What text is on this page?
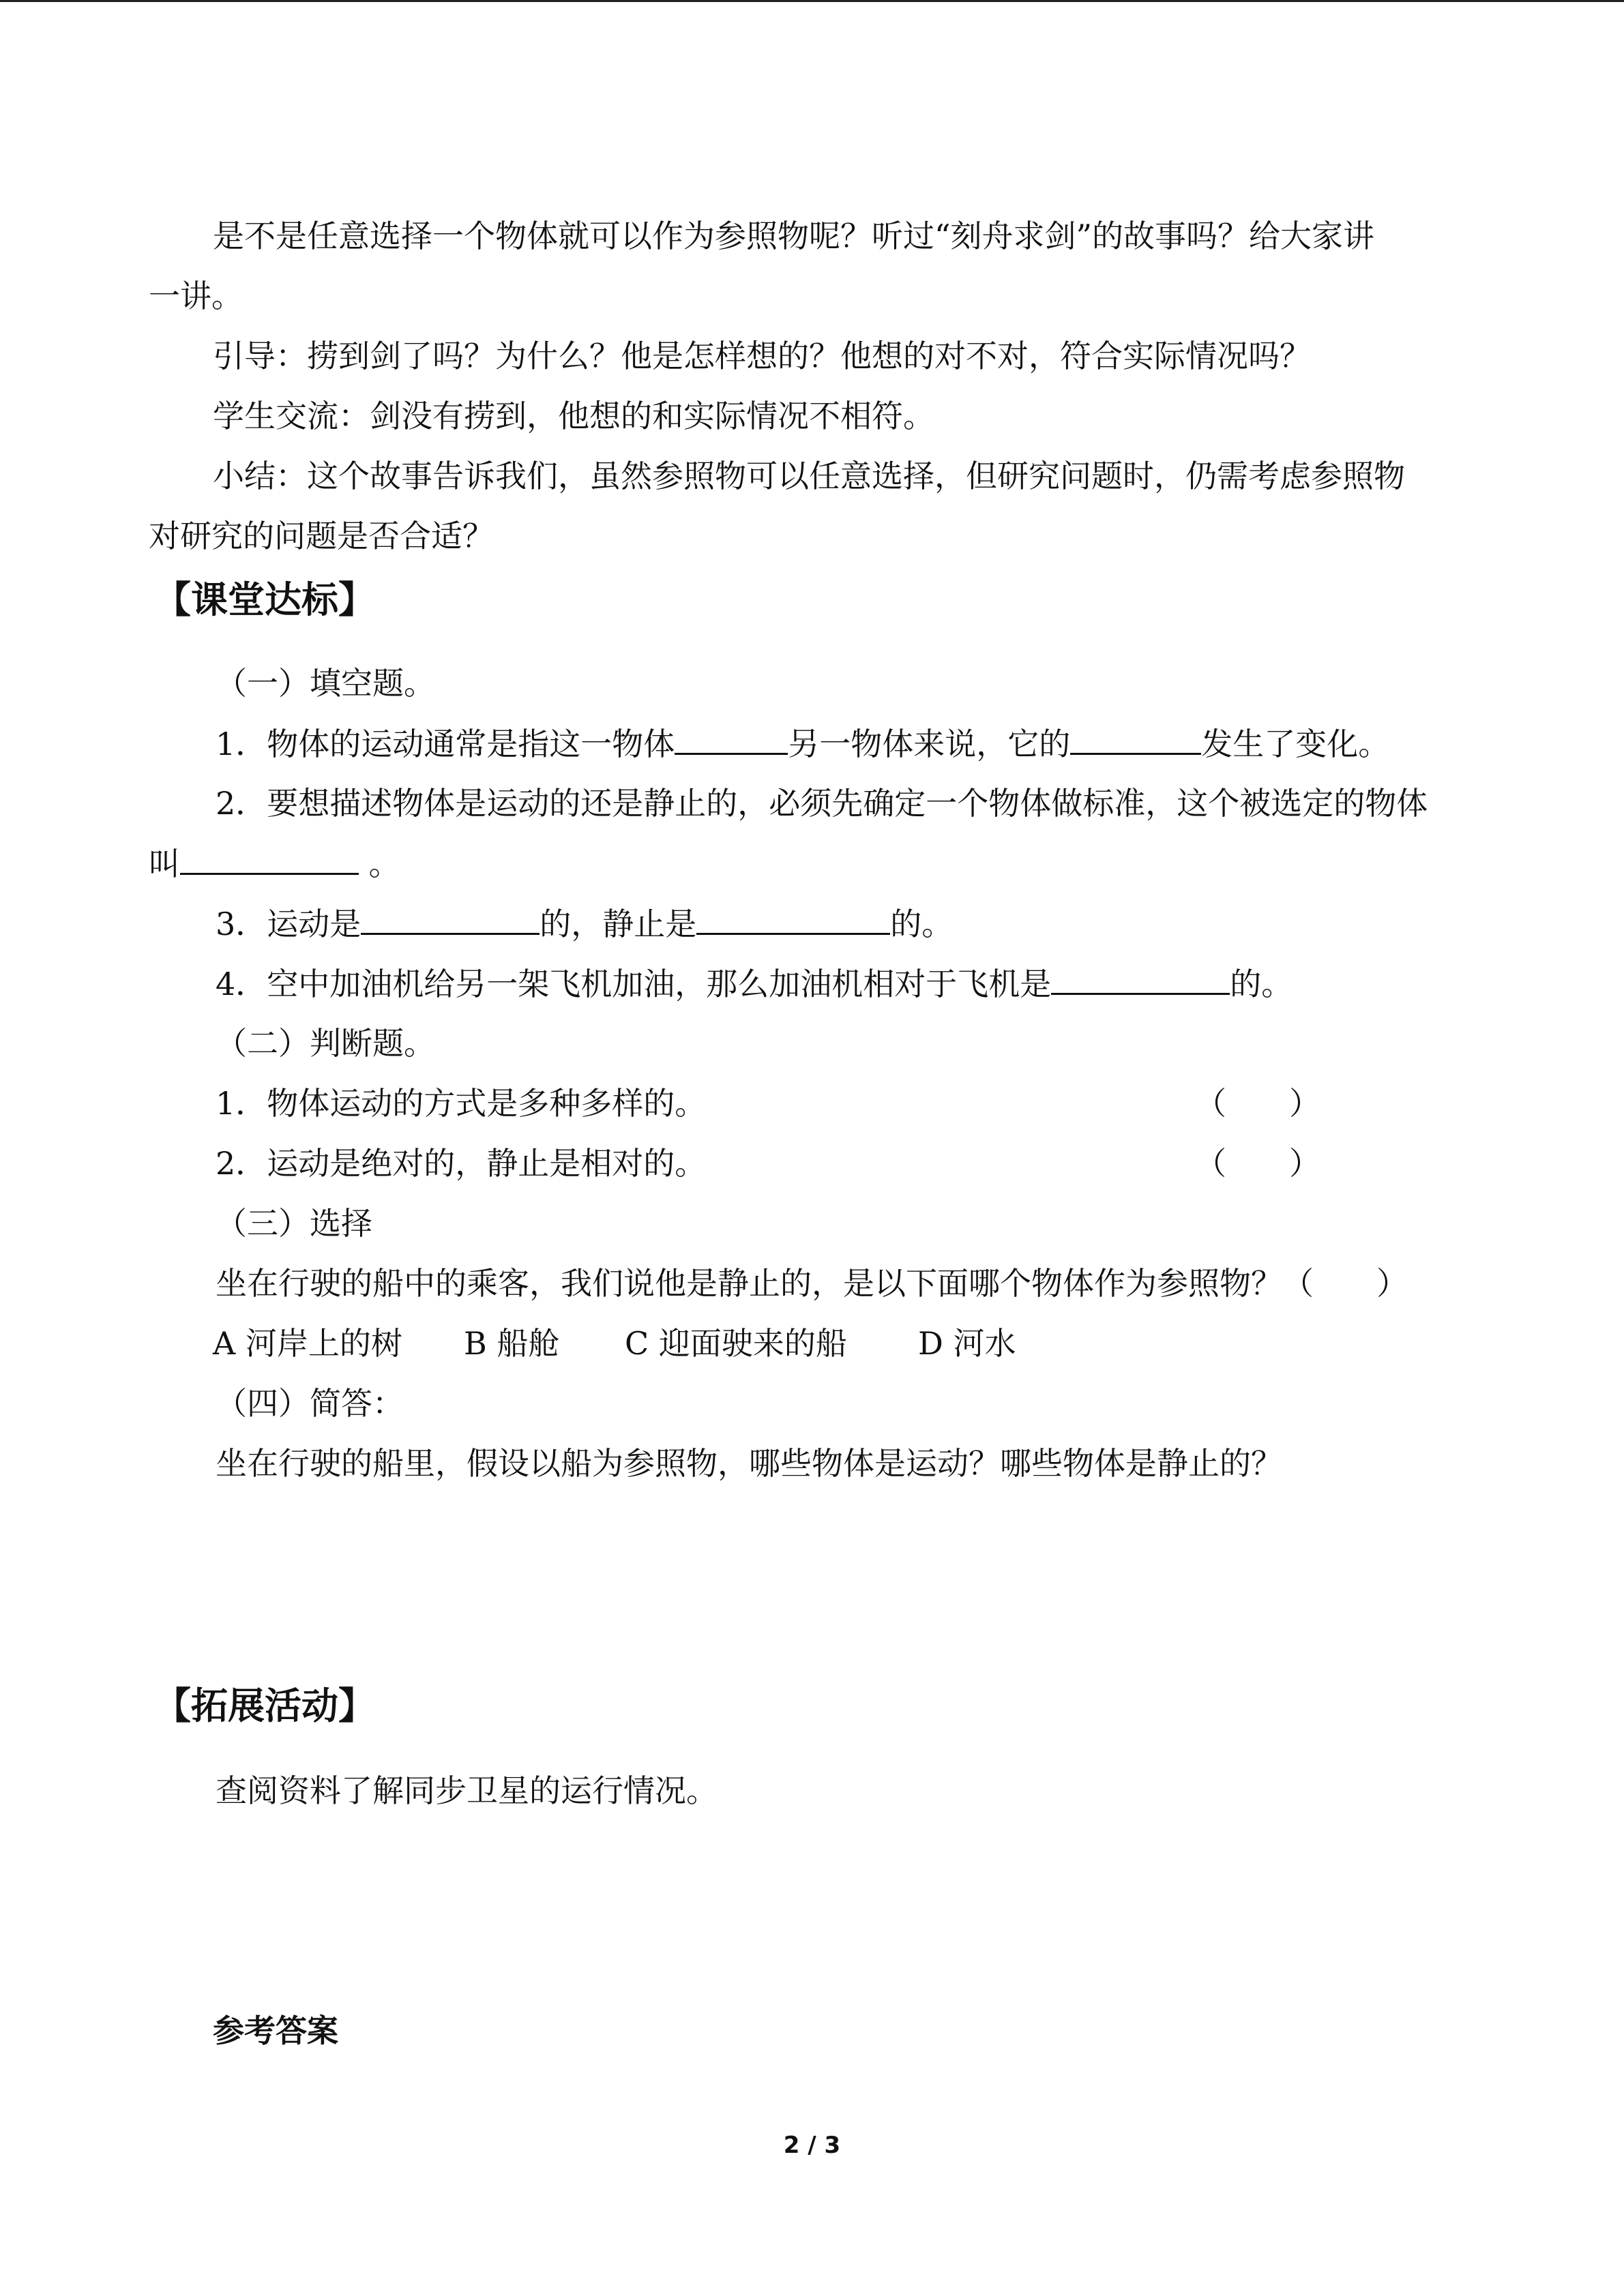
是不是任意选择一个物体就可以作为参照物呢？听过“刻舟求剑”的故事吗？给大家讲
一讲。
引导：捞到剑了吗？为什么？他是怎样想的？他想的对不对，符合实际情况吗？
学生交流：剑没有捞到，他想的和实际情况不相符。
小结：这个故事告诉我们，虽然参照物可以任意选择，但研究问题时，仍需考虑参照物
对研究的问题是否合适？
【课堂达标】
（一）填空题。
1．物体的运动通常是指这一物体	另一物体来说，它的	发生了变化。
2．要想描述物体是运动的还是静止的，必须先确定一个物体做标准，这个被选定的物体
叫	。
3．运动是	的，静止是	的。
4．空中加油机给另一架飞机加油，那么加油机相对于飞机是	的。
（二）判断题。
1．物体运动的方式是多种多样的。	（　　）
2．运动是绝对的，静止是相对的。	（　　）
（三）选择
坐在行驶的船中的乘客，我们说他是静止的，是以下面哪个物体作为参照物？（　　）
A 河岸上的树 B 船舱 C 迎面驶来的船 D 河水
（四）简答：
坐在行驶的船里，假设以船为参照物，哪些物体是运动？哪些物体是静止的？
【拓展活动】
查阅资料了解同步卫星的运行情况。
参考答案
2 / 3
